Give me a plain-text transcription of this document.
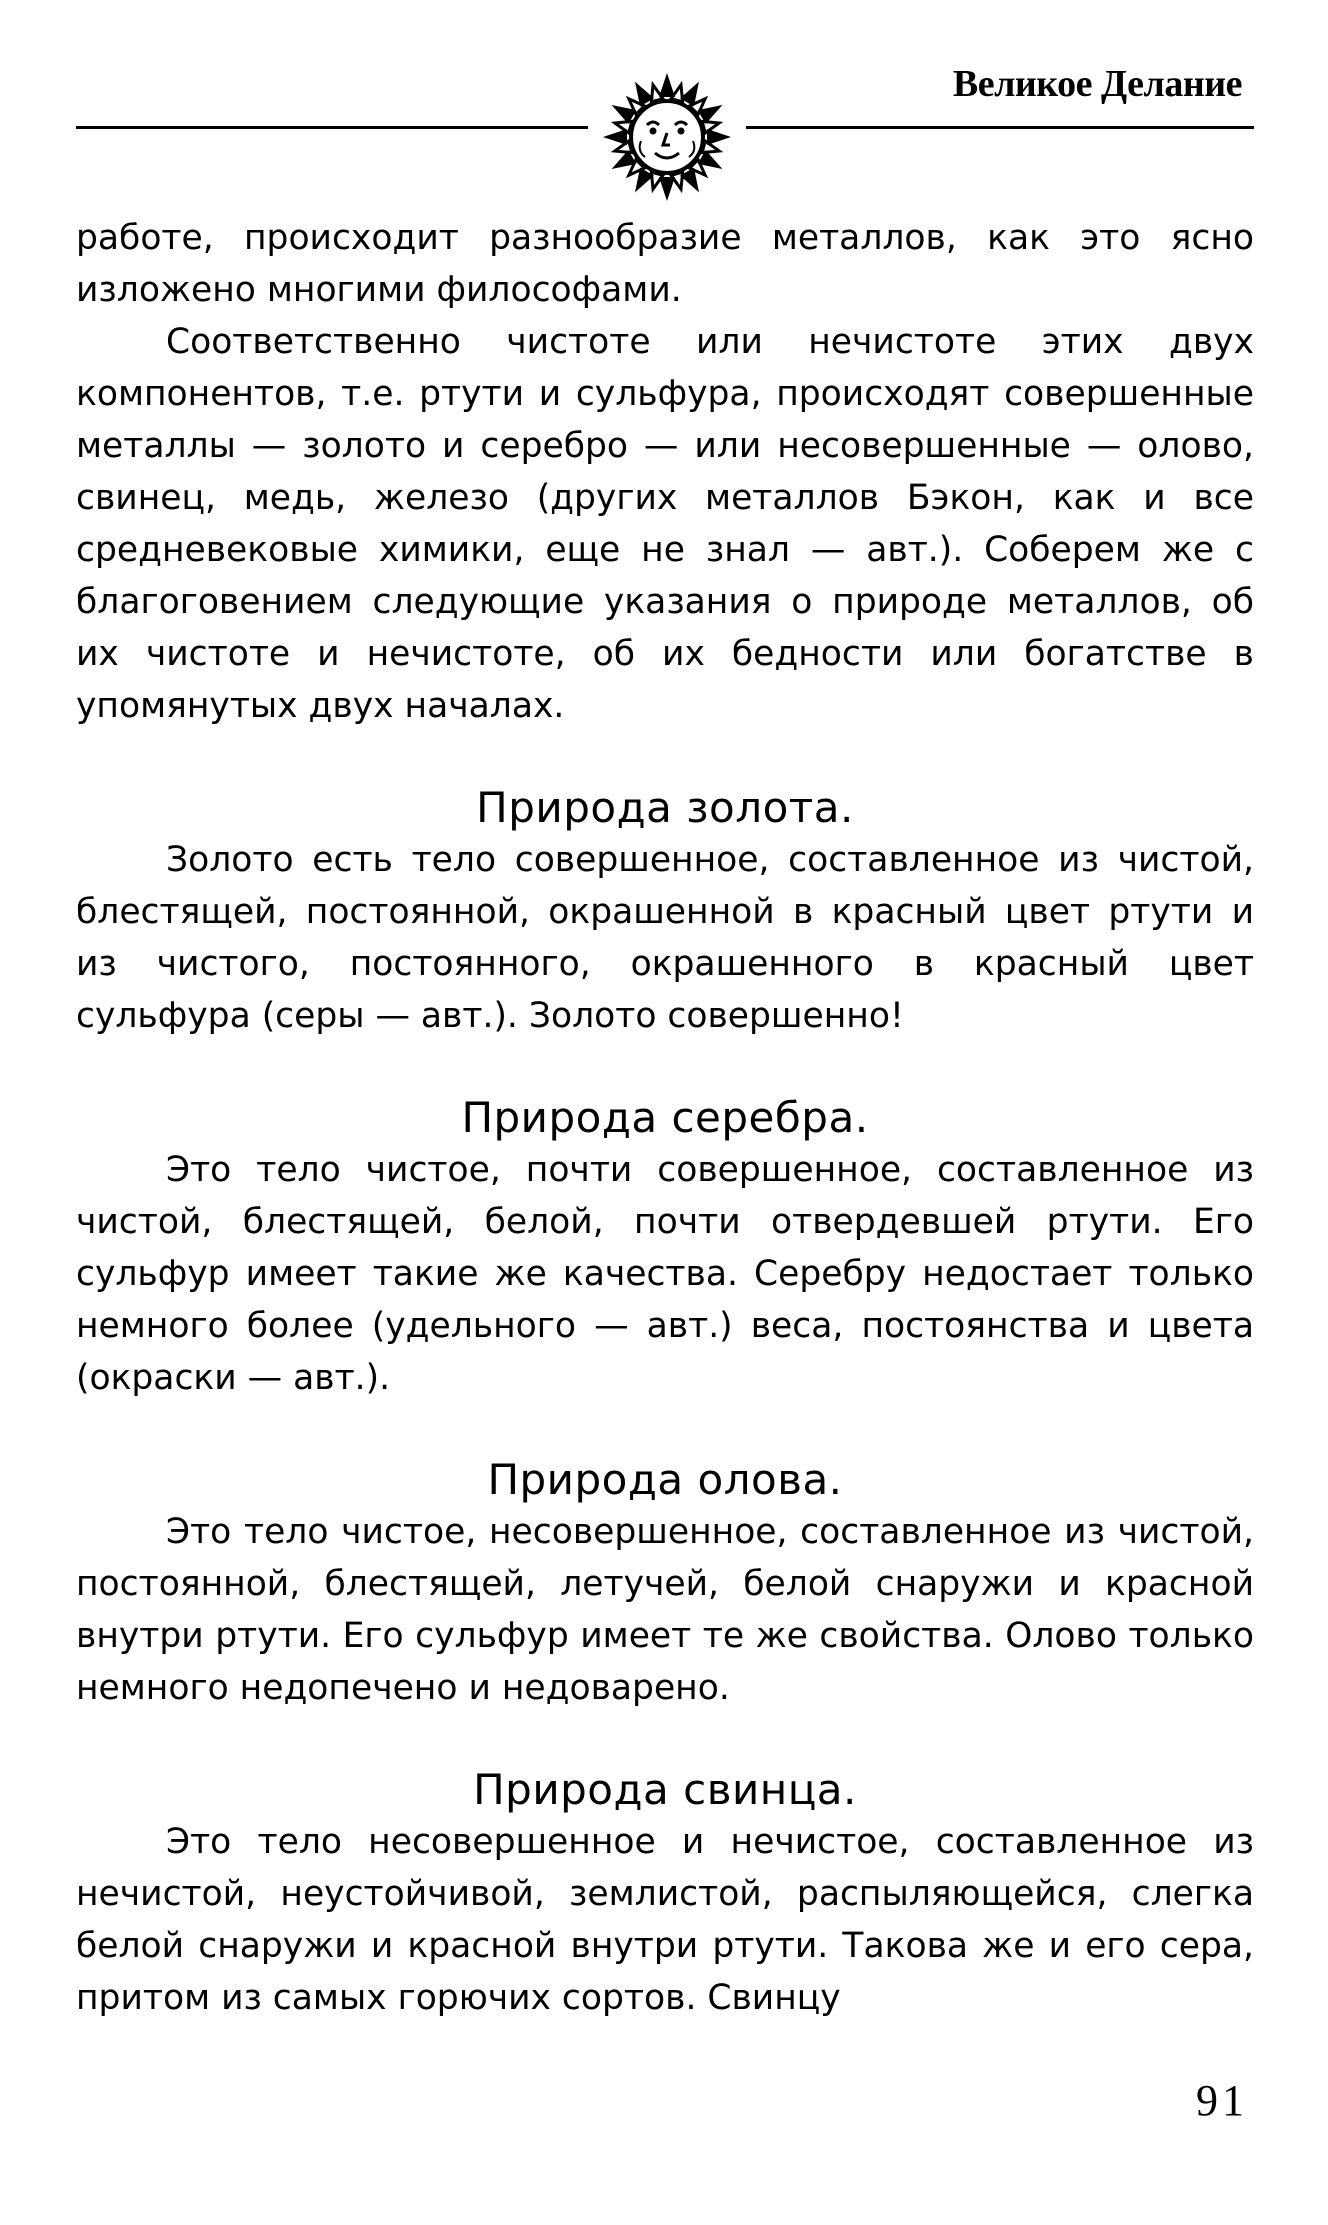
Великое Делание

работе, происходит разнообразие металлов, как это ясно изложено многими философами.

Соответственно чистоте или нечистоте этих двух компонентов, т.е. ртути и сульфура, происходят совершенные металлы — золото и серебро — или несовершенные — олово, свинец, медь, железо (других металлов Бэкон, как и все средневековые химики, еще не знал — авт.). Соберем же с благоговением следующие указания о природе металлов, об их чистоте и нечистоте, об их бедности или богатстве в упомянутых двух началах.

Природа золота.

Золото есть тело совершенное, составленное из чистой, блестящей, постоянной, окрашенной в красный цвет ртути и из чистого, постоянного, окрашенного в красный цвет сульфура (серы — авт.). Золото совершенно!

Природа серебра.

Это тело чистое, почти совершенное, составленное из чистой, блестящей, белой, почти отвердевшей ртути. Его сульфур имеет такие же качества. Серебру недостает только немного более (удельного — авт.) веса, постоянства и цвета (окраски — авт.).

Природа олова.

Это тело чистое, несовершенное, составленное из чистой, постоянной, блестящей, летучей, белой снаружи и красной внутри ртути. Его сульфур имеет те же свойства. Олово только немного недопечено и недоварено.

Природа свинца.

Это тело несовершенное и нечистое, составленное из нечистой, неустойчивой, землистой, распыляющейся, слегка белой снаружи и красной внутри ртути. Такова же и его сера, притом из самых горючих сортов. Свинцу

91
